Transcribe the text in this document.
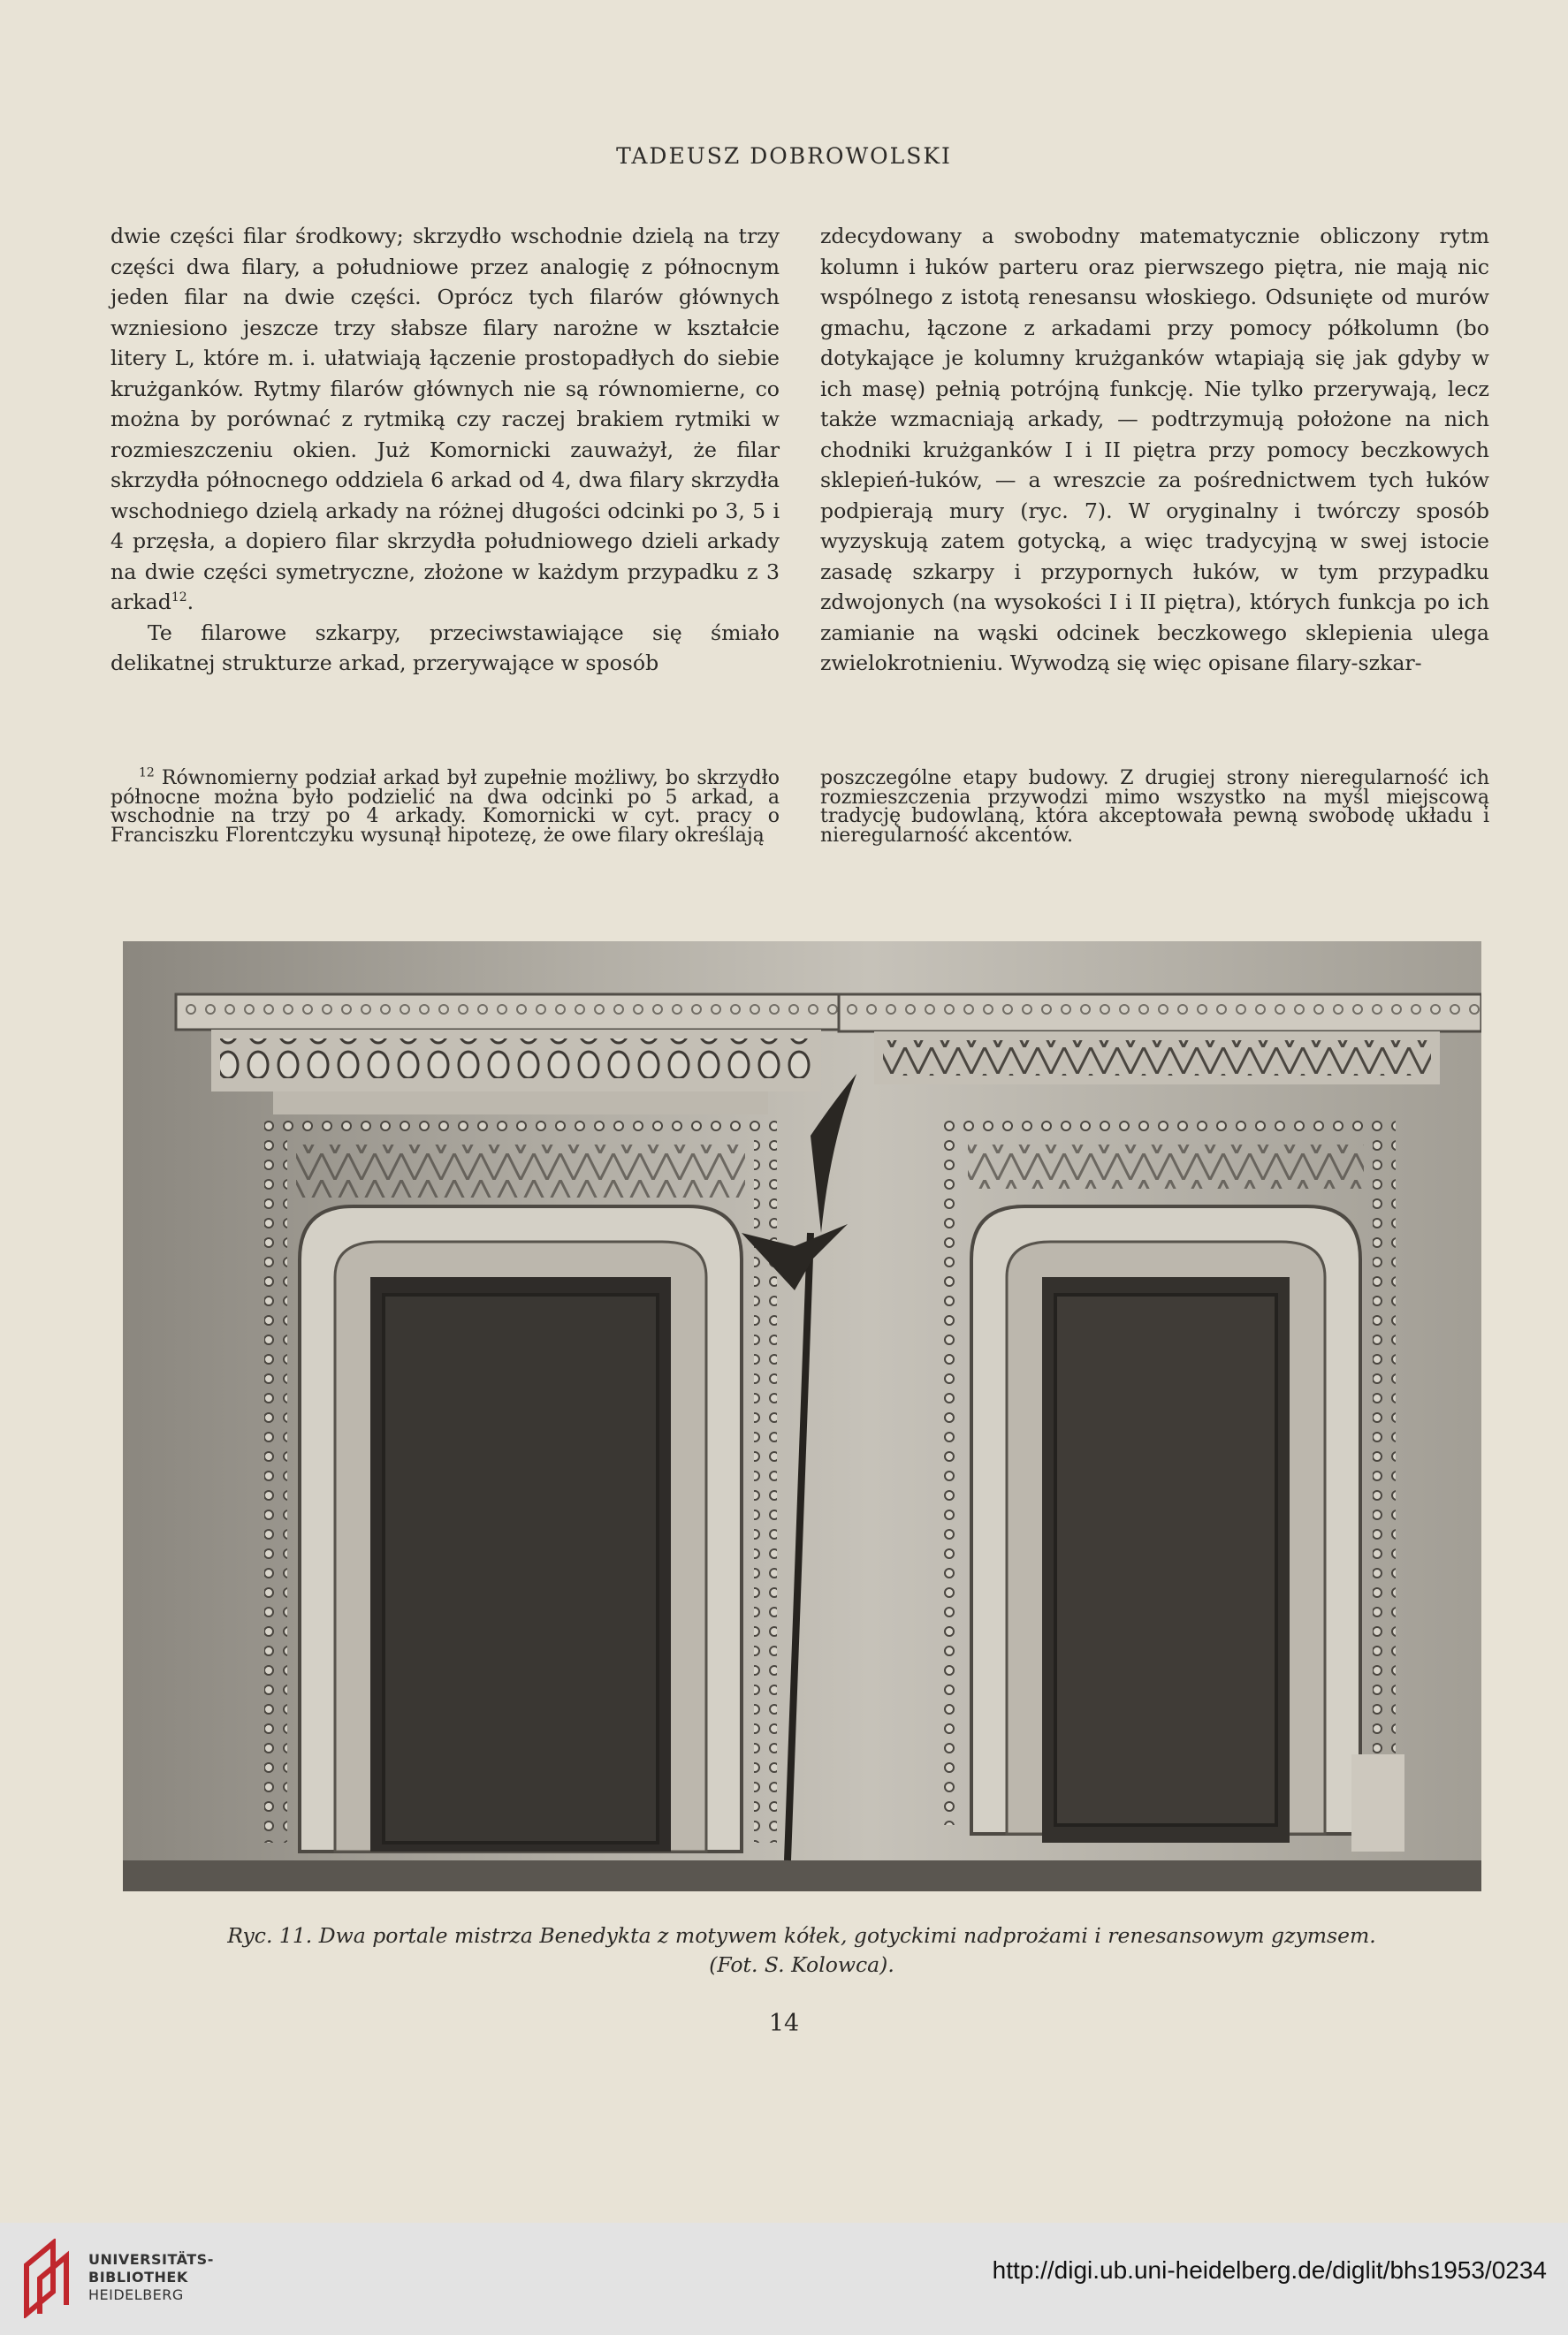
TADEUSZ DOBROWOLSKI

dwie części filar środkowy; skrzydło wschodnie dzielą na trzy części dwa filary, a południowe przez analogię z północnym jeden filar na dwie części. Oprócz tych filarów głównych wzniesiono jeszcze trzy słabsze filary narożne w kształcie litery L, które m. i. ułatwiają łączenie prostopadłych do siebie krużganków. Rytmy filarów głównych nie są równomierne, co można by porównać z rytmiką czy raczej brakiem rytmiki w rozmieszczeniu okien. Już Komornicki zauważył, że filar skrzydła północnego oddziela 6 arkad od 4, dwa filary skrzydła wschodniego dzielą arkady na różnej długości odcinki po 3, 5 i 4 przęsła, a dopiero filar skrzydła południowego dzieli arkady na dwie części symetryczne, złożone w każdym przypadku z 3 arkad$^{12}$.

Te filarowe szkarpy, przeciwstawiające się śmiało delikatnej strukturze arkad, przerywające w sposób

zdecydowany a swobodny matematycznie obliczony rytm kolumn i łuków parteru oraz pierwszego piętra, nie mają nic wspólnego z istotą renesansu włoskiego. Odsunięte od murów gmachu, łączone z arkadami przy pomocy półkolumn (bo dotykające je kolumny krużganków wtapiają się jak gdyby w ich masę) pełnią potrójną funkcję. Nie tylko przerywają, lecz także wzmacniają arkady, — podtrzymują położone na nich chodniki krużganków I i II piętra przy pomocy beczkowych sklepień-łuków, — a wreszcie za pośrednictwem tych łuków podpierają mury (ryc. 7). W oryginalny i twórczy sposób wyzyskują zatem gotycką, a więc tradycyjną w swej istocie zasadę szkarpy i przypornych łuków, w tym przypadku zdwojonych (na wysokości I i II piętra), których funkcja po ich zamianie na wąski odcinek beczkowego sklepienia ulega zwielokrotnieniu. Wywodzą się więc opisane filary-szkar-

$^{12}$ Równomierny podział arkad był zupełnie możliwy, bo skrzydło północne można było podzielić na dwa odcinki po 5 arkad, a wschodnie na trzy po 4 arkady. Komornicki w cyt. pracy o Franciszku Florentczyku wysunął hipotezę, że owe filary określają

poszczególne etapy budowy. Z drugiej strony nieregularność ich rozmieszczenia przywodzi mimo wszystko na myśl miejscową tradycję budowlaną, która akceptowała pewną swobodę układu i nieregularność akcentów.

Ryc. 11. Dwa portale mistrza Benedykta z motywem kółek, gotyckimi nadprożami i renesansowym gzymsem.
(Fot. S. Kolowca).
14
UNIVERSITÄTS-
BIBLIOTHEK
HEIDELBERG
http://digi.ub.uni-heidelberg.de/diglit/bhs1953/0234
